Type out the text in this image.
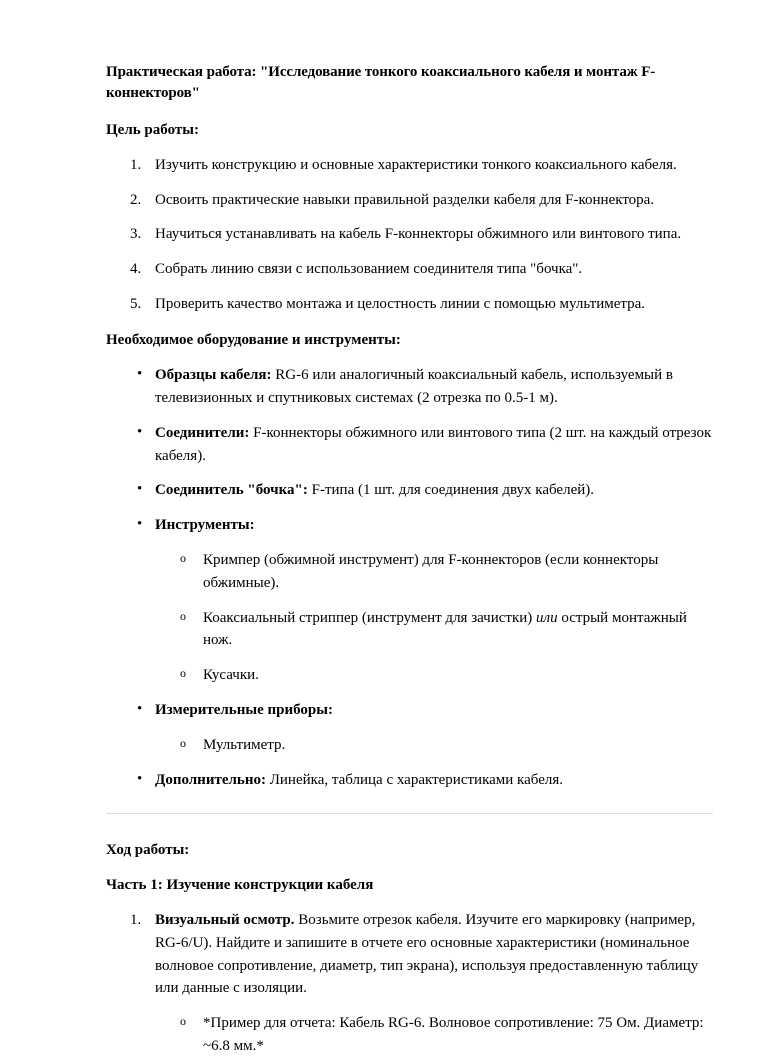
Практическая работа: "Исследование тонкого коаксиального кабеля и монтаж F-
коннекторов"
Цель работы:
1. Изучить конструкцию и основные характеристики тонкого коаксиального кабеля.
2. Освоить практические навыки правильной разделки кабеля для F-коннектора.
3. Научиться устанавливать на кабель F-коннекторы обжимного или винтового типа.
4. Собрать линию связи с использованием соединителя типа "бочка".
5. Проверить качество монтажа и целостность линии с помощью мультиметра.
Необходимое оборудование и инструменты:
• Образцы кабеля: RG-6 или аналогичный коаксиальный кабель, используемый в телевизионных и спутниковых системах (2 отрезка по 0.5-1 м).
• Соединители: F-коннекторы обжимного или винтового типа (2 шт. на каждый отрезок кабеля).
• Соединитель "бочка": F-типа (1 шт. для соединения двух кабелей).
• Инструменты:
o Кримпер (обжимной инструмент) для F-коннекторов (если коннекторы обжимные).
o Коаксиальный стриппер (инструмент для зачистки) или острый монтажный нож.
o Кусачки.
• Измерительные приборы:
o Мультиметр.
• Дополнительно: Линейка, таблица с характеристиками кабеля.
Ход работы:
Часть 1: Изучение конструкции кабеля
1. Визуальный осмотр. Возьмите отрезок кабеля. Изучите его маркировку (например, RG-6/U). Найдите и запишите в отчете его основные характеристики (номинальное волновое сопротивление, диаметр, тип экрана), используя предоставленную таблицу или данные с изоляции.
o *Пример для отчета: Кабель RG-6. Волновое сопротивление: 75 Ом. Диаметр: ~6.8 мм.*
